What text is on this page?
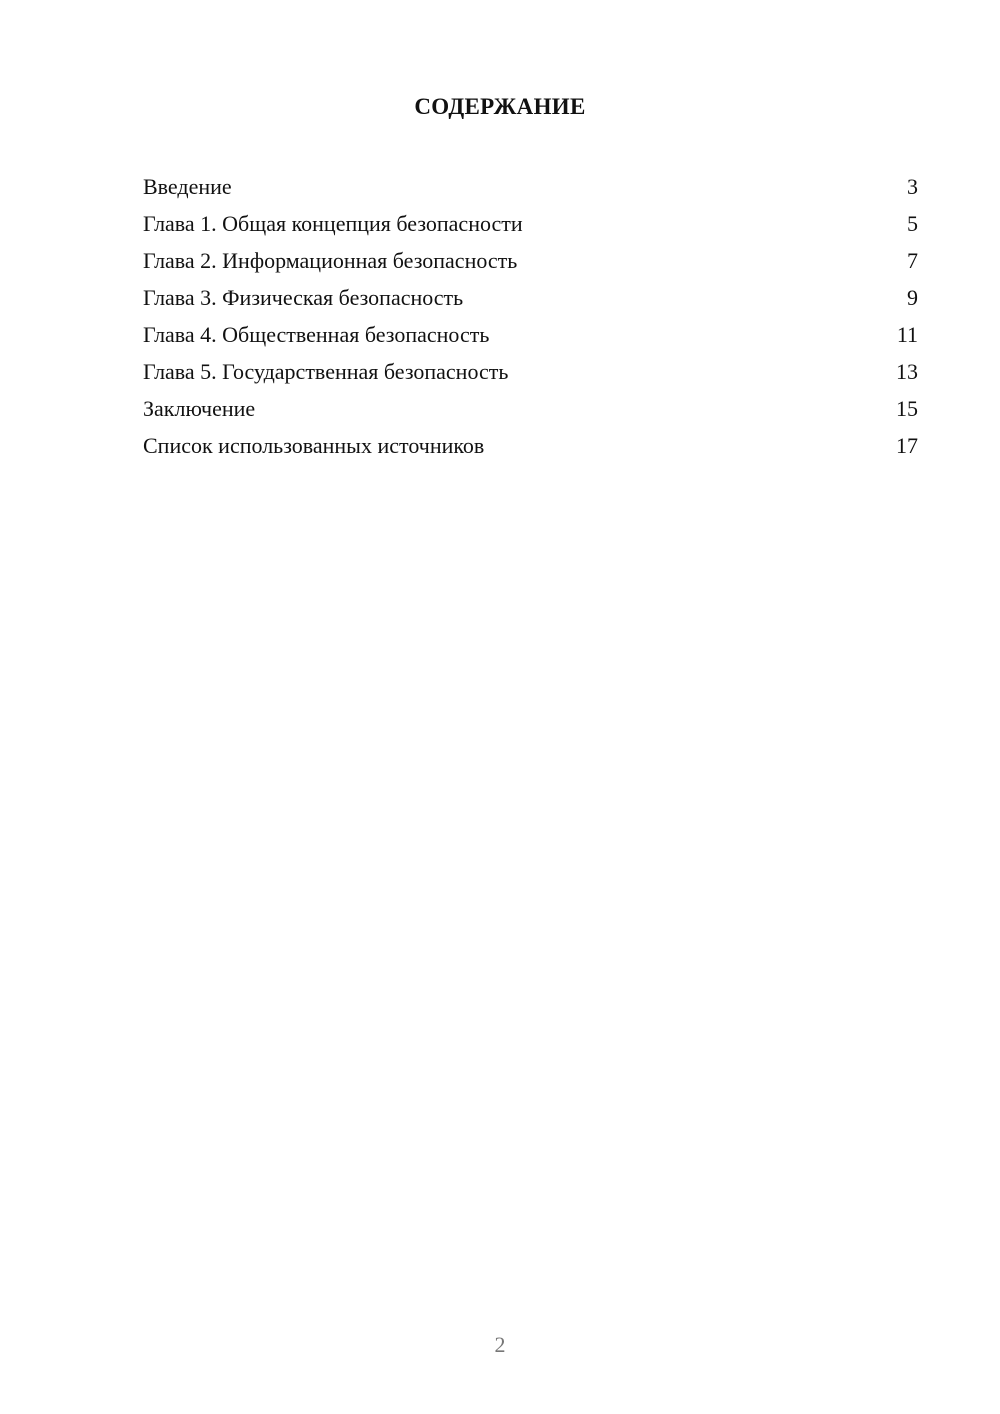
СОДЕРЖАНИЕ
Введение	3
Глава 1. Общая концепция безопасности	5
Глава 2. Информационная безопасность	7
Глава 3. Физическая безопасность	9
Глава 4. Общественная безопасность	11
Глава 5. Государственная безопасность	13
Заключение	15
Список использованных источников	17
2
